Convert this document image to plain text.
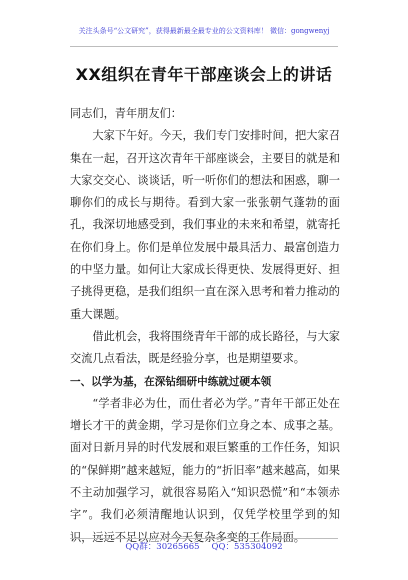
关注头条号“公文研究”，获得最新最全最专业的公文资料库！ 微信：gongwenyj
XX组织在青年干部座谈会上的讲话

同志们，青年朋友们：

大家下午好。今天，我们专门安排时间，把大家召集在一起，召开这次青年干部座谈会，主要目的就是和大家交交心、谈谈话，听一听你们的想法和困惑，聊一聊你们的成长与期待。看到大家一张张朝气蓬勃的面孔，我深切地感受到，我们事业的未来和希望，就寄托在你们身上。你们是单位发展中最具活力、最富创造力的中坚力量。如何让大家成长得更快、发展得更好、担子挑得更稳，是我们组织一直在深入思考和着力推动的重大课题。

借此机会，我将围绕青年干部的成长路径，与大家交流几点看法，既是经验分享，也是期望要求。

一、以学为基，在深钻细研中练就过硬本领

“学者非必为仕，而仕者必为学。”青年干部正处在增长才干的黄金期，学习是你们立身之本、成事之基。面对日新月异的时代发展和艰巨繁重的工作任务，知识的“保鲜期”越来越短，能力的“折旧率”越来越高，如果不主动加强学习，就很容易陷入“知识恐慌”和“本领赤字”。我们必须清醒地认识到，仅凭学校里学到的知识，远远不足以应对今天复杂多变的工作局面。

QQ群：30265665 QQ：535304092
